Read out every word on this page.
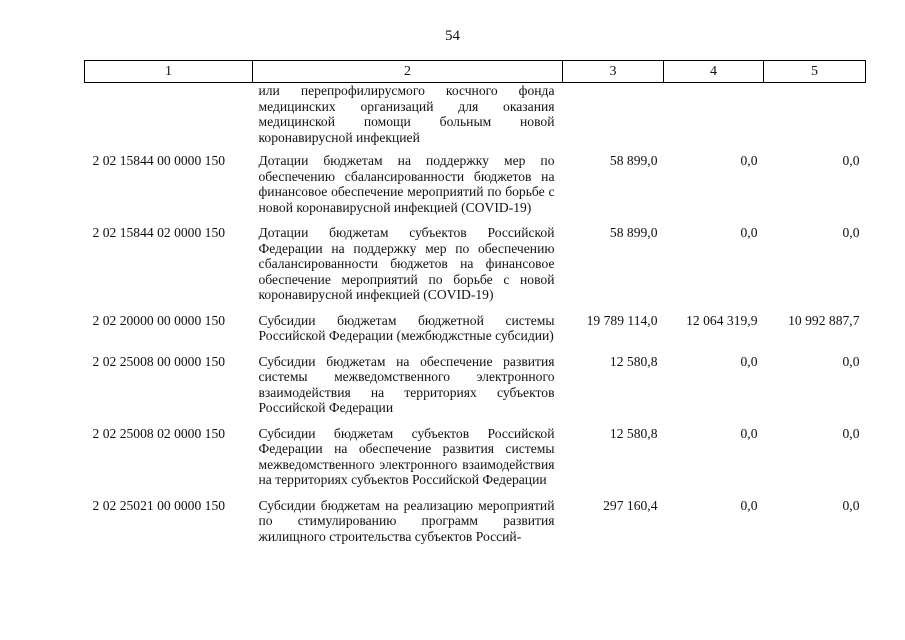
54
1	2	3	4	5
	или перепрофилирусмого косчного фонда медицинских организаций для оказания медицинской помощи больным новой коронавирусной инфекцией			
2 02 15844 00 0000 150	Дотации бюджетам на поддержку мер по обеспечению сбалансированности бюджетов на финансовое обеспечение мероприятий по борьбе с новой коронавирусной инфекцией (COVID-19)	58 899,0	0,0	0,0
2 02 15844 02 0000 150	Дотации бюджетам субъектов Российской Федерации на поддержку мер по обеспечению сбалансированности бюджетов на финансовое обеспечение мероприятий по борьбе с новой коронавирусной инфекцией (COVID-19)	58 899,0	0,0	0,0
2 02 20000 00 0000 150	Субсидии бюджетам бюджетной системы Российской Федерации (межбюджстные субсидии)	19 789 114,0	12 064 319,9	10 992 887,7
2 02 25008 00 0000 150	Субсидии бюджетам на обеспечение развития системы межведомственного электронного взаимодействия на территориях субъектов Российской Федерации	12 580,8	0,0	0,0
2 02 25008 02 0000 150	Субсидии бюджетам субъектов Российской Федерации на обеспечение развития системы межведомственного электронного взаимодействия на территориях субъектов Российской Федерации	12 580,8	0,0	0,0
2 02 25021 00 0000 150	Субсидии бюджетам на реализацию мероприятий по стимулированию программ развития жилищного строительства субъектов Россий-	297 160,4	0,0	0,0
